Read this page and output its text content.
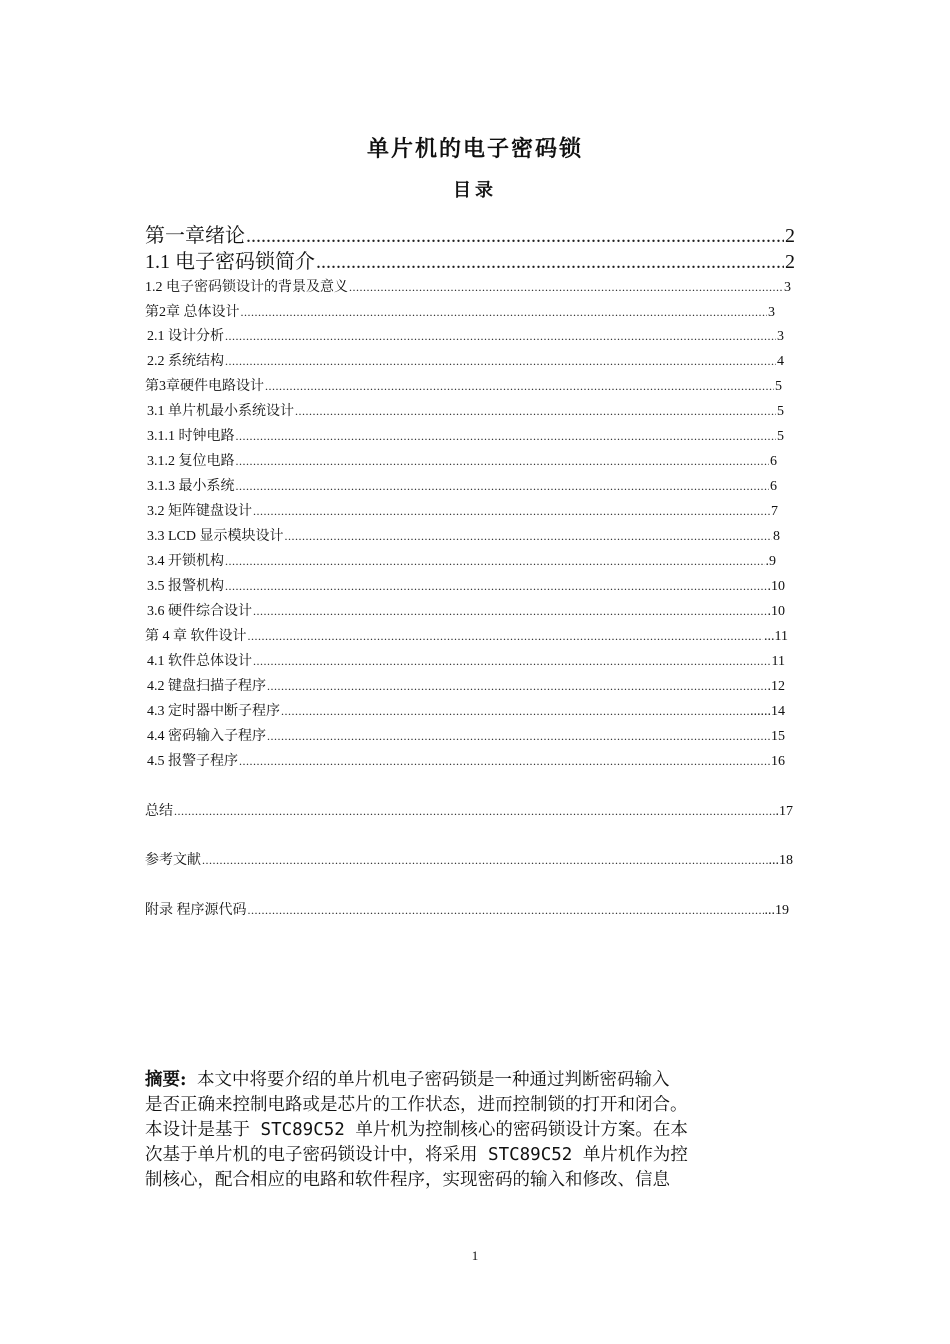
单片机的电子密码锁
目录
第一章绪论 .....	2
1.1 电子密码锁简介 .....	2
1.2 电子密码锁设计的背景及意义 .....	3
第2章 总体设计 .....	3
2.1 设计分析 .....	3
2.2 系统结构 .....	4
第3章硬件电路设计 .....	5
3.1 单片机最小系统设计 .....	5
3.1.1 时钟电路 .....	5
3.1.2 复位电路 .....	6
3.1.3 最小系统 .....	6
3.2 矩阵键盘设计 .....	7
3.3 LCD 显示模块设计 .....	8
3.4 开锁机构 .....	.9
3.5 报警机构 .....	.10
3.6 硬件综合设计 .....	.10
第 4 章 软件设计 .....	...11
4.1 软件总体设计 .....	11
4.2 键盘扫描子程序 .....	.12
4.3 定时器中断子程序 .....	......14
4.4 密码输入子程序 .....	15
4.5 报警子程序 .....	16
总结 .....	.17
参考文献 .....	...18
附录 程序源代码 .....	...19
摘要: 本文中将要介绍的单片机电子密码锁是一种通过判断密码输入
是否正确来控制电路或是芯片的工作状态，进而控制锁的打开和闭合。
本设计是基于 STC89C52 单片机为控制核心的密码锁设计方案。在本
次基于单片机的电子密码锁设计中，将采用 STC89C52 单片机作为控
制核心，配合相应的电路和软件程序，实现密码的输入和修改、信息
1
